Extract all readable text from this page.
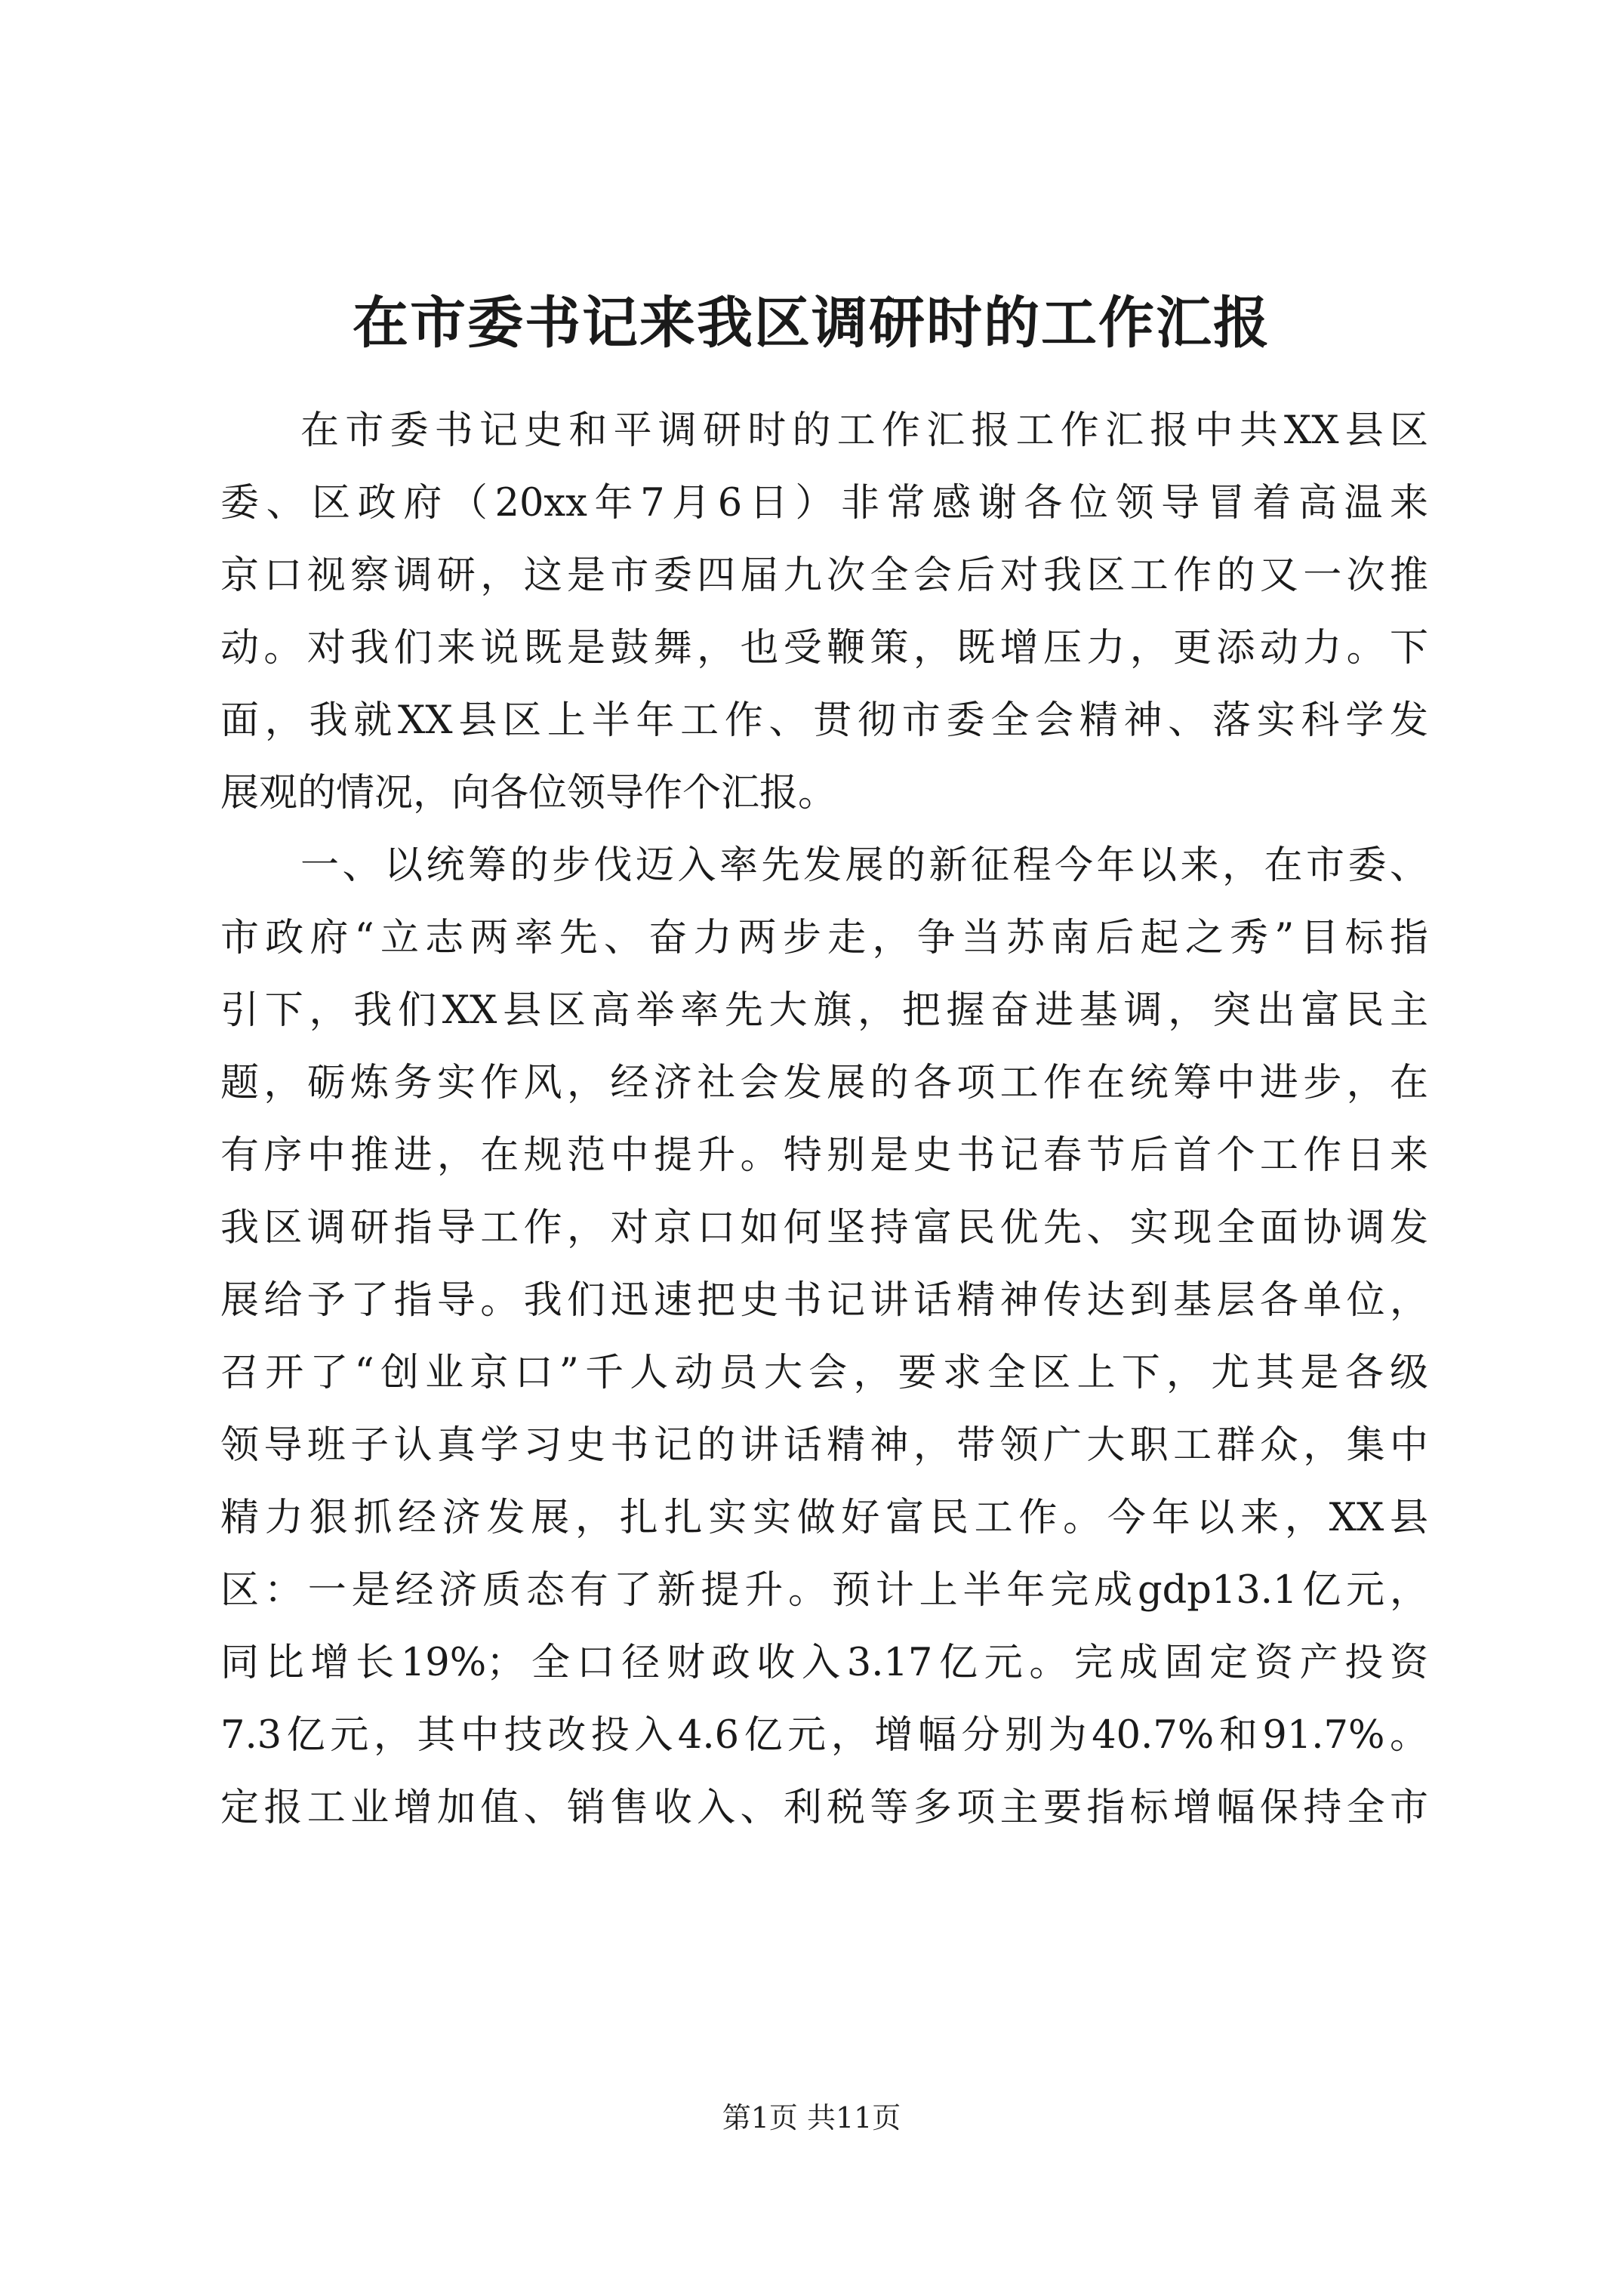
在市委书记来我区调研时的工作汇报
在市委书记史和平调研时的工作汇报工作汇报中共XX县区
委、区政府（20xx年7月6日）非常感谢各位领导冒着高温来
京口视察调研，这是市委四届九次全会后对我区工作的又一次推
动。对我们来说既是鼓舞，也受鞭策，既增压力，更添动力。下
面，我就XX县区上半年工作、贯彻市委全会精神、落实科学发
展观的情况，向各位领导作个汇报。
一、以统筹的步伐迈入率先发展的新征程今年以来，在市委、
市政府“立志两率先、奋力两步走，争当苏南后起之秀”目标指
引下，我们XX县区高举率先大旗，把握奋进基调，突出富民主
题，砺炼务实作风，经济社会发展的各项工作在统筹中进步，在
有序中推进，在规范中提升。特别是史书记春节后首个工作日来
我区调研指导工作，对京口如何坚持富民优先、实现全面协调发
展给予了指导。我们迅速把史书记讲话精神传达到基层各单位，
召开了“创业京口”千人动员大会，要求全区上下，尤其是各级
领导班子认真学习史书记的讲话精神，带领广大职工群众，集中
精力狠抓经济发展，扎扎实实做好富民工作。今年以来，XX县
区：一是经济质态有了新提升。预计上半年完成gdp13.1亿元，
同比增长19%；全口径财政收入3.17亿元。完成固定资产投资
7.3亿元，其中技改投入4.6亿元，增幅分别为40.7%和91.7%。
定报工业增加值、销售收入、利税等多项主要指标增幅保持全市
第1页 共11页
